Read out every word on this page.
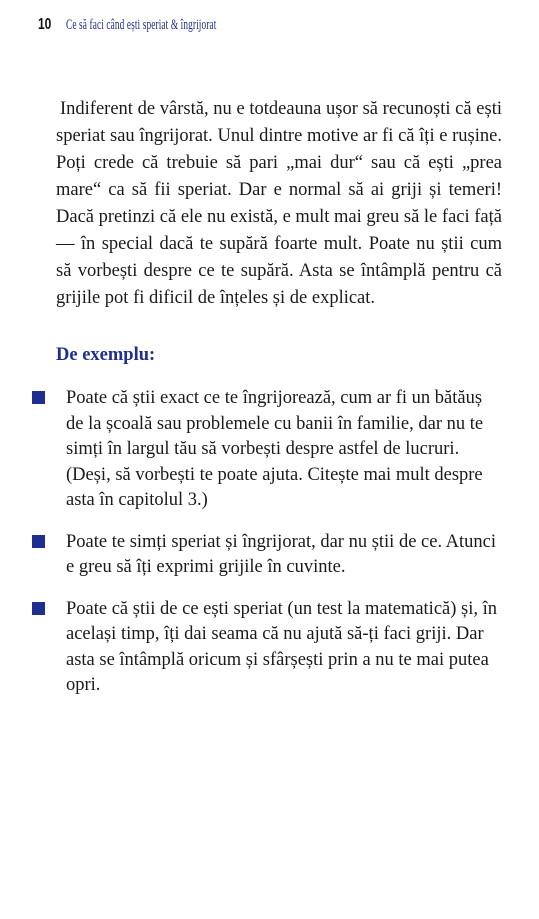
10 Ce să faci când ești speriat & îngrijorat

Indiferent de vârstă, nu e totdeauna ușor să recunoști că ești speriat sau îngrijorat. Unul dintre motive ar fi că îți e rușine. Poți crede că trebuie să pari „mai dur“ sau că ești „prea mare“ ca să fii speriat. Dar e normal să ai griji și temeri! Dacă pretinzi că ele nu există, e mult mai greu să le faci față — în special dacă te supără foarte mult. Poate nu știi cum să vorbești despre ce te supără. Asta se întâmplă pentru că grijile pot fi dificil de înțeles și de explicat.

De exemplu:
Poate că știi exact ce te îngrijorează, cum ar fi un bătăuș de la școală sau problemele cu banii în familie, dar nu te simți în largul tău să vorbești despre astfel de lucruri. (Deși, să vorbești te poate ajuta. Citește mai mult despre asta în capitolul 3.)
Poate te simți speriat și îngrijorat, dar nu știi de ce. Atunci e greu să îți exprimi grijile în cuvinte.
Poate că știi de ce ești speriat (un test la matematică) și, în același timp, îți dai seama că nu ajută să-ți faci griji. Dar asta se întâmplă oricum și sfârșești prin a nu te mai putea opri.
